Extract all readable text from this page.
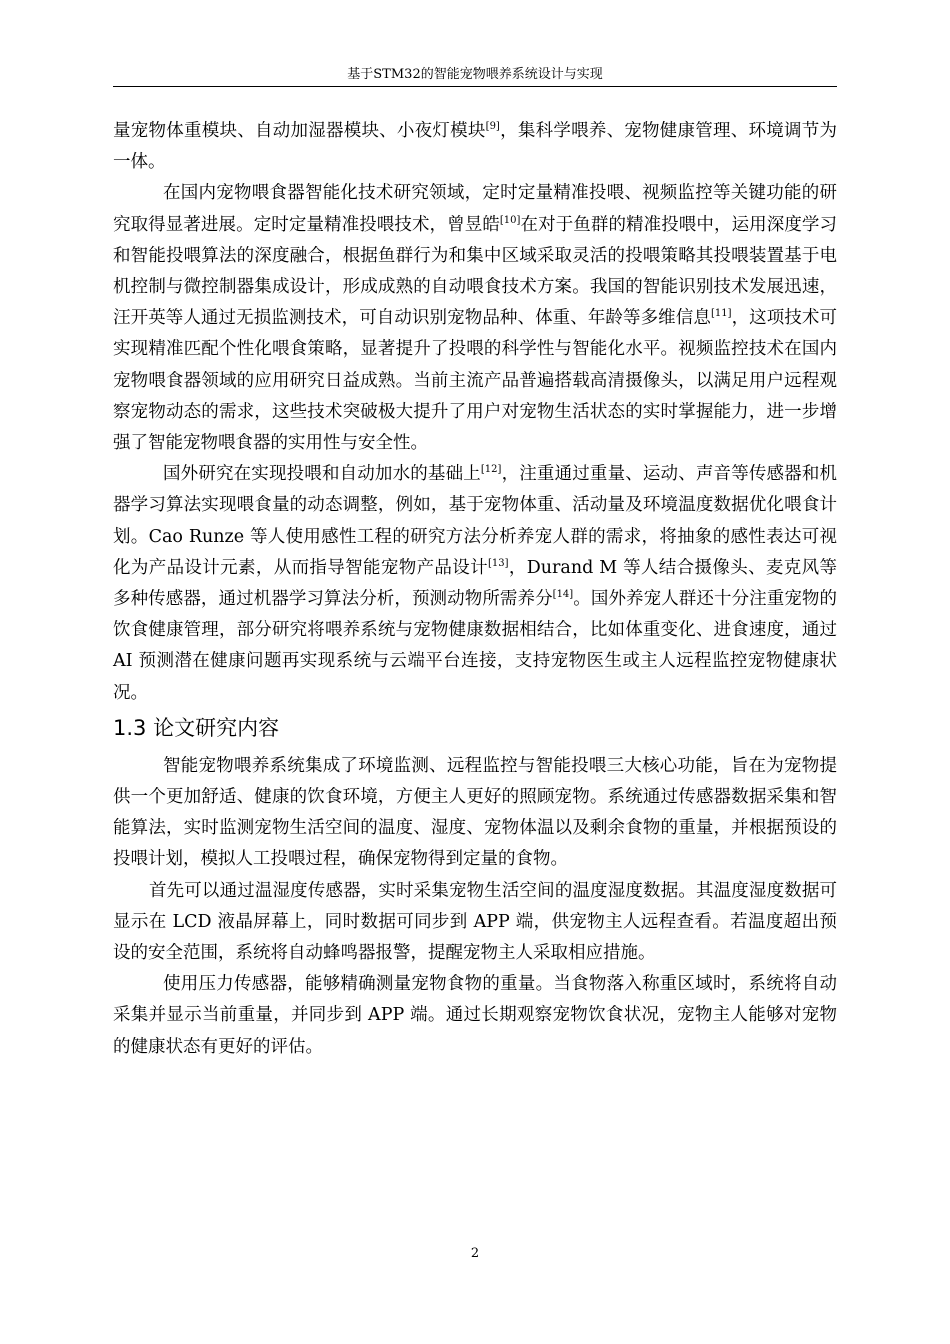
基于STM32的智能宠物喂养系统设计与实现

量宠物体重模块、自动加湿器模块、小夜灯模块[9]，集科学喂养、宠物健康管理、环境调节为一体。

在国内宠物喂食器智能化技术研究领域，定时定量精准投喂、视频监控等关键功能的研究取得显著进展。定时定量精准投喂技术，曾昱皓[10]在对于鱼群的精准投喂中，运用深度学习和智能投喂算法的深度融合，根据鱼群行为和集中区域采取灵活的投喂策略其投喂装置基于电机控制与微控制器集成设计，形成成熟的自动喂食技术方案。我国的智能识别技术发展迅速，汪开英等人通过无损监测技术，可自动识别宠物品种、体重、年龄等多维信息[11]，这项技术可实现精准匹配个性化喂食策略，显著提升了投喂的科学性与智能化水平。视频监控技术在国内宠物喂食器领域的应用研究日益成熟。当前主流产品普遍搭载高清摄像头，以满足用户远程观察宠物动态的需求，这些技术突破极大提升了用户对宠物生活状态的实时掌握能力，进一步增强了智能宠物喂食器的实用性与安全性。

国外研究在实现投喂和自动加水的基础上[12]，注重通过重量、运动、声音等传感器和机器学习算法实现喂食量的动态调整，例如，基于宠物体重、活动量及环境温度数据优化喂食计划。Cao Runze 等人使用感性工程的研究方法分析养宠人群的需求，将抽象的感性表达可视化为产品设计元素，从而指导智能宠物产品设计[13]，Durand M 等人结合摄像头、麦克风等多种传感器，通过机器学习算法分析，预测动物所需养分[14]。国外养宠人群还十分注重宠物的饮食健康管理，部分研究将喂养系统与宠物健康数据相结合，比如体重变化、进食速度，通过 AI 预测潜在健康问题再实现系统与云端平台连接，支持宠物医生或主人远程监控宠物健康状况。

1.3 论文研究内容

智能宠物喂养系统集成了环境监测、远程监控与智能投喂三大核心功能，旨在为宠物提供一个更加舒适、健康的饮食环境，方便主人更好的照顾宠物。系统通过传感器数据采集和智能算法，实时监测宠物生活空间的温度、湿度、宠物体温以及剩余食物的重量，并根据预设的投喂计划，模拟人工投喂过程，确保宠物得到定量的食物。

首先可以通过温湿度传感器，实时采集宠物生活空间的温度湿度数据。其温度湿度数据可显示在 LCD 液晶屏幕上，同时数据可同步到 APP 端，供宠物主人远程查看。若温度超出预设的安全范围，系统将自动蜂鸣器报警，提醒宠物主人采取相应措施。

使用压力传感器，能够精确测量宠物食物的重量。当食物落入称重区域时，系统将自动采集并显示当前重量，并同步到 APP 端。通过长期观察宠物饮食状况，宠物主人能够对宠物的健康状态有更好的评估。

2
